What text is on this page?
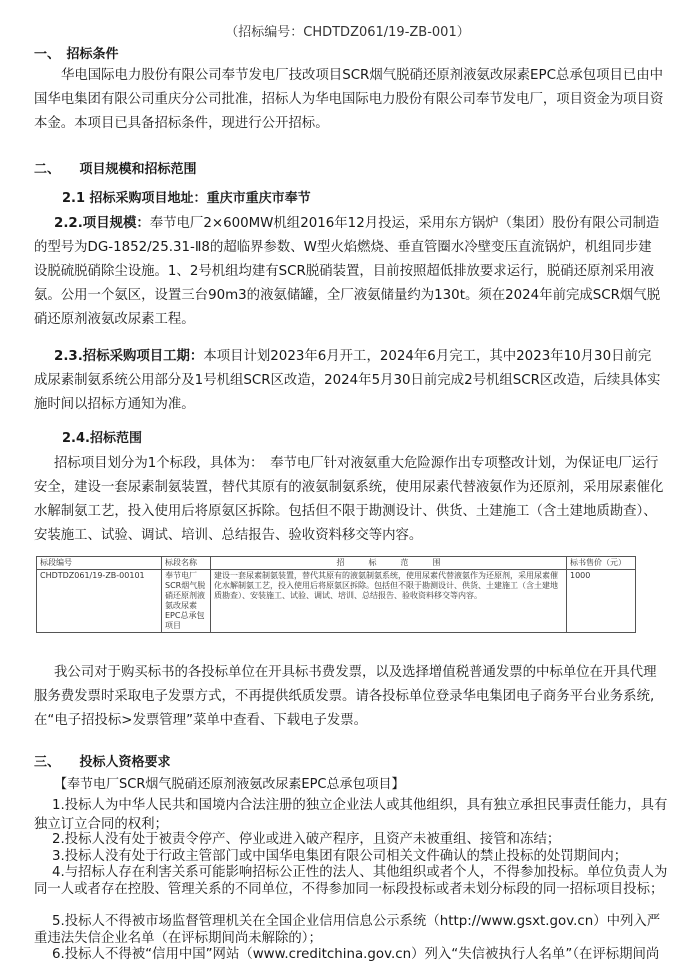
（招标编号：CHDTDZ061/19-ZB-001）
一、　招标条件
华电国际电力股份有限公司奉节发电厂技改项目SCR烟气脱硝还原剂液氨改尿素EPC总承包项目已由中国华电集团有限公司重庆分公司批准，招标人为华电国际电力股份有限公司奉节发电厂，项目资金为项目资本金。本项目已具备招标条件，现进行公开招标。
二、　　项目规模和招标范围
2.1 招标采购项目地址：重庆市重庆市奉节
2.2.项目规模：奉节电厂2×600MW机组2016年12月投运，采用东方锅炉（集团）股份有限公司制造的型号为DG-1852/25.31-Ⅱ8的超临界参数、W型火焰燃烧、垂直管圈水冷壁变压直流锅炉，机组同步建设脱硫脱硝除尘设施。1、2号机组均建有SCR脱硝装置，目前按照超低排放要求运行，脱硝还原剂采用液氨。公用一个氨区，设置三台90m3的液氨储罐，全厂液氨储量约为130t。须在2024年前完成SCR烟气脱硝还原剂液氨改尿素工程。
2.3.招标采购项目工期：本项目计划2023年6月开工，2024年6月完工，其中2023年10月30日前完成尿素制氨系统公用部分及1号机组SCR区改造，2024年5月30日前完成2号机组SCR区改造，后续具体实施时间以招标方通知为准。
2.4.招标范围
招标项目划分为1个标段，具体为：　奉节电厂针对液氨重大危险源作出专项整改计划，为保证电厂运行安全，建设一套尿素制氨装置，替代其原有的液氨制氨系统，使用尿素代替液氨作为还原剂，采用尿素催化水解制氨工艺，投入使用后将原氨区拆除。包括但不限于勘测设计、供货、土建施工（含土建地质勘查）、安装施工、试验、调试、培训、总结报告、验收资料移交等内容。
标段编号	标段名称	招　　　标　　　范　　　围	标书售价（元）
CHDTDZ061/19-ZB-00101	奉节电厂SCR烟气脱硝还原剂液氨改尿素EPC总承包项目	建设一套尿素制氨装置，替代其原有的液氨制氨系统，使用尿素代替液氨作为还原剂，采用尿素催化水解制氨工艺，投入使用后将原氨区拆除。包括但不限于勘测设计、供货、土建施工（含土建地质勘查）、安装施工、试验、调试、培训、总结报告、验收资料移交等内容。	1000
我公司对于购买标书的各投标单位在开具标书费发票，以及选择增值税普通发票的中标单位在开具代理服务费发票时采取电子发票方式，不再提供纸质发票。请各投标单位登录华电集团电子商务平台业务系统,在“电子招投标>发票管理”菜单中查看、下载电子发票。
三、　　投标人资格要求
【奉节电厂SCR烟气脱硝还原剂液氨改尿素EPC总承包项目】
1.投标人为中华人民共和国境内合法注册的独立企业法人或其他组织，具有独立承担民事责任能力，具有独立订立合同的权利；
2.投标人没有处于被责令停产、停业或进入破产程序，且资产未被重组、接管和冻结；
3.投标人没有处于行政主管部门或中国华电集团有限公司相关文件确认的禁止投标的处罚期间内；
4.与招标人存在利害关系可能影响招标公正性的法人、其他组织或者个人，不得参加投标。单位负责人为同一人或者存在控股、管理关系的不同单位，不得参加同一标段投标或者未划分标段的同一招标项目投标；
5.投标人不得被市场监督管理机关在全国企业信用信息公示系统（http://www.gsxt.gov.cn）中列入严重违法失信企业名单（在评标期间尚未解除的）；
6.投标人不得被“信用中国”网站（www.creditchina.gov.cn）列入“失信被执行人名单”（在评标期间尚
